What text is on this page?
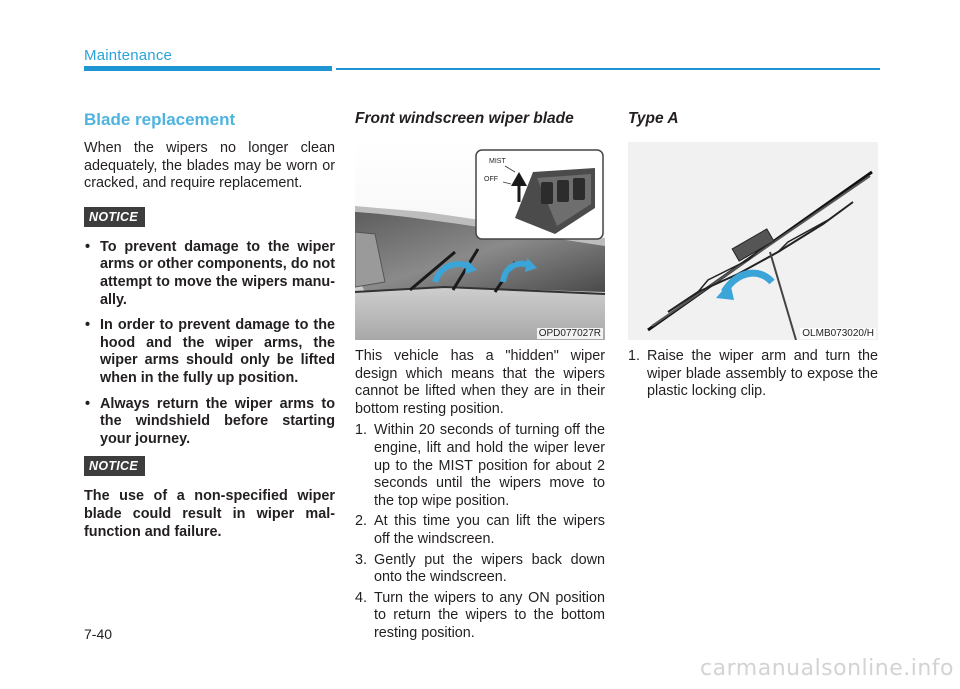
Maintenance
Blade replacement

When the wipers no longer clean adequately, the blades may be worn or cracked, and require replacement.

NOTICE
• To prevent damage to the wiper arms or other components, do not attempt to move the wipers manu-ally.
• In order to prevent damage to the hood and the wiper arms, the wiper arms should only be lifted when in the fully up position.
• Always return the wiper arms to the windshield before starting your journey.
NOTICE

The use of a non-specified wiper blade could result in wiper mal-function and failure.

Front windscreen wiper blade
MIST
OFF
OPD077027R

This vehicle has a "hidden" wiper design which means that the wipers cannot be lifted when they are in their bottom resting position.

1. Within 20 seconds of turning off the engine, lift and hold the wiper lever up to the MIST position for about 2 seconds until the wipers move to the top wipe position.
2. At this time you can lift the wipers off the windscreen.
3. Gently put the wipers back down onto the windscreen.
4. Turn the wipers to any ON position to return the wipers to the bottom resting position.
Type A
OLMB073020/H
1. Raise the wiper arm and turn the wiper blade assembly to expose the plastic locking clip.
7-40
carmanualsonline.info
